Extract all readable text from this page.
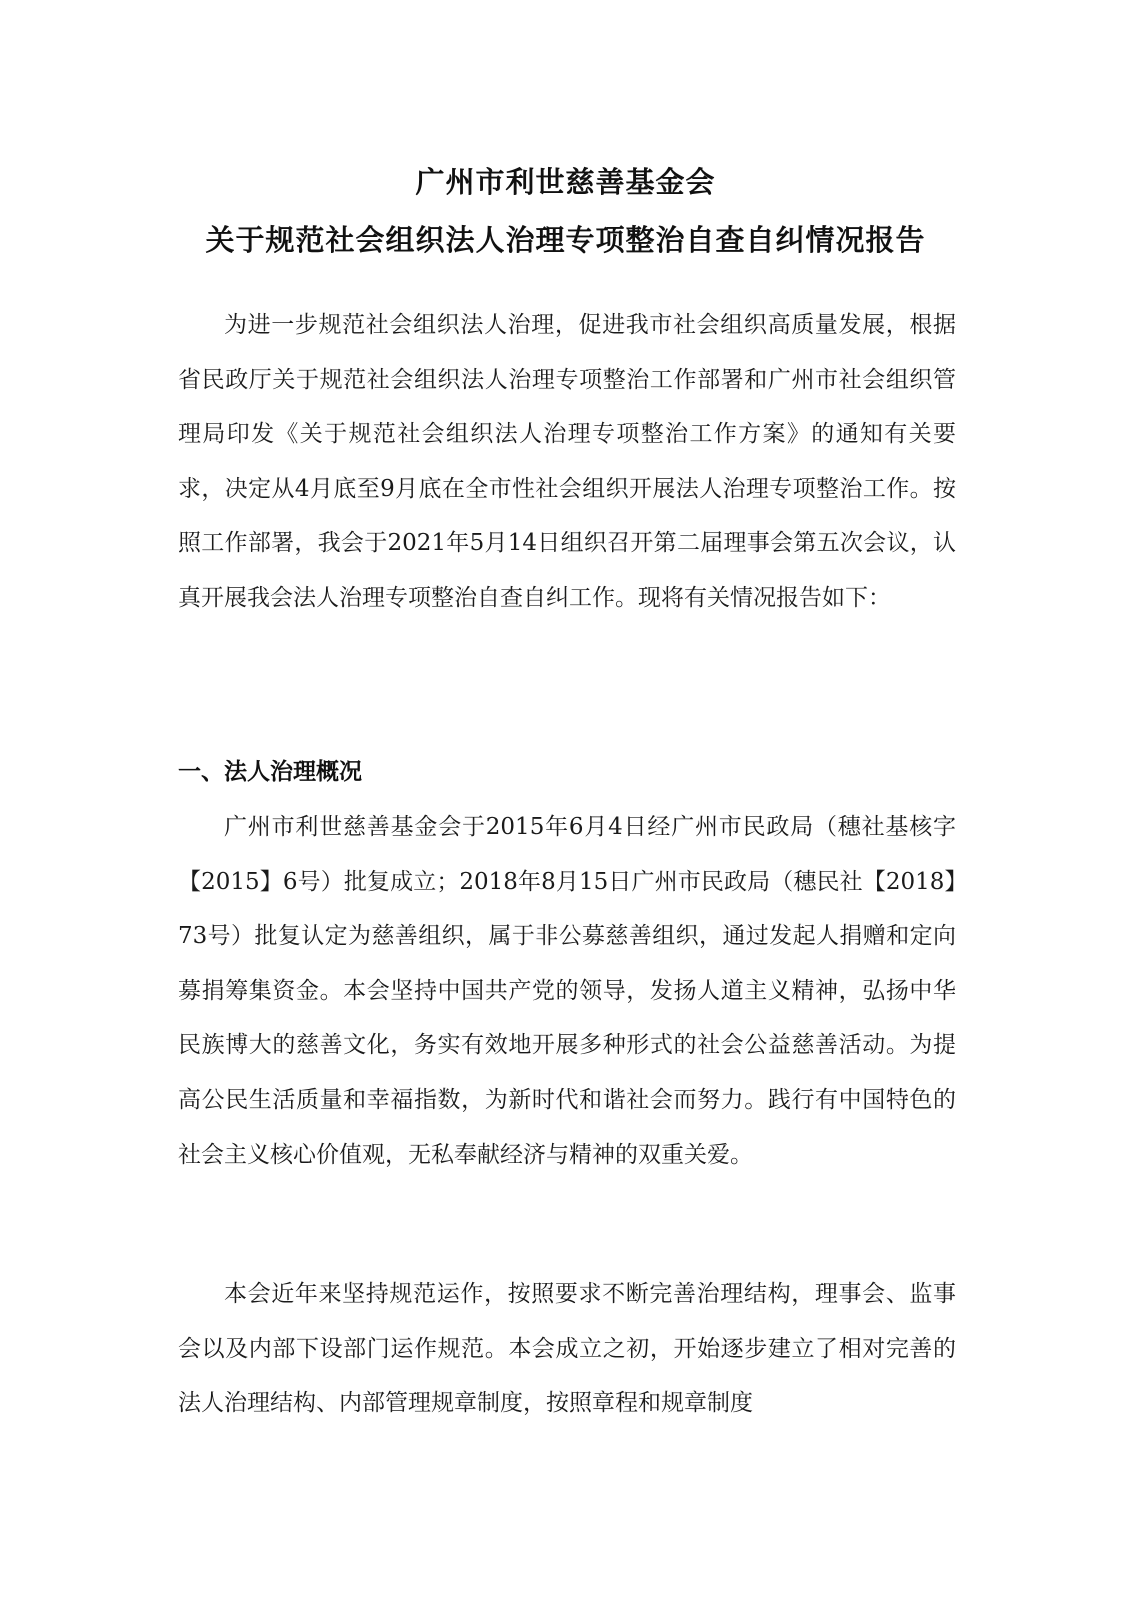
广州市利世慈善基金会
关于规范社会组织法人治理专项整治自查自纠情况报告

为进一步规范社会组织法人治理，促进我市社会组织高质量发展，根据省民政厅关于规范社会组织法人治理专项整治工作部署和广州市社会组织管理局印发《关于规范社会组织法人治理专项整治工作方案》的通知有关要求，决定从4月底至9月底在全市性社会组织开展法人治理专项整治工作。按照工作部署，我会于2021年5月14日组织召开第二届理事会第五次会议，认真开展我会法人治理专项整治自查自纠工作。现将有关情况报告如下：

一、法人治理概况

广州市利世慈善基金会于2015年6月4日经广州市民政局（穗社基核字【2015】6号）批复成立；2018年8月15日广州市民政局（穗民社【2018】73号）批复认定为慈善组织，属于非公募慈善组织，通过发起人捐赠和定向募捐筹集资金。本会坚持中国共产党的领导，发扬人道主义精神，弘扬中华民族博大的慈善文化，务实有效地开展多种形式的社会公益慈善活动。为提高公民生活质量和幸福指数，为新时代和谐社会而努力。践行有中国特色的社会主义核心价值观，无私奉献经济与精神的双重关爱。

本会近年来坚持规范运作，按照要求不断完善治理结构，理事会、监事会以及内部下设部门运作规范。本会成立之初，开始逐步建立了相对完善的法人治理结构、内部管理规章制度，按照章程和规章制度
